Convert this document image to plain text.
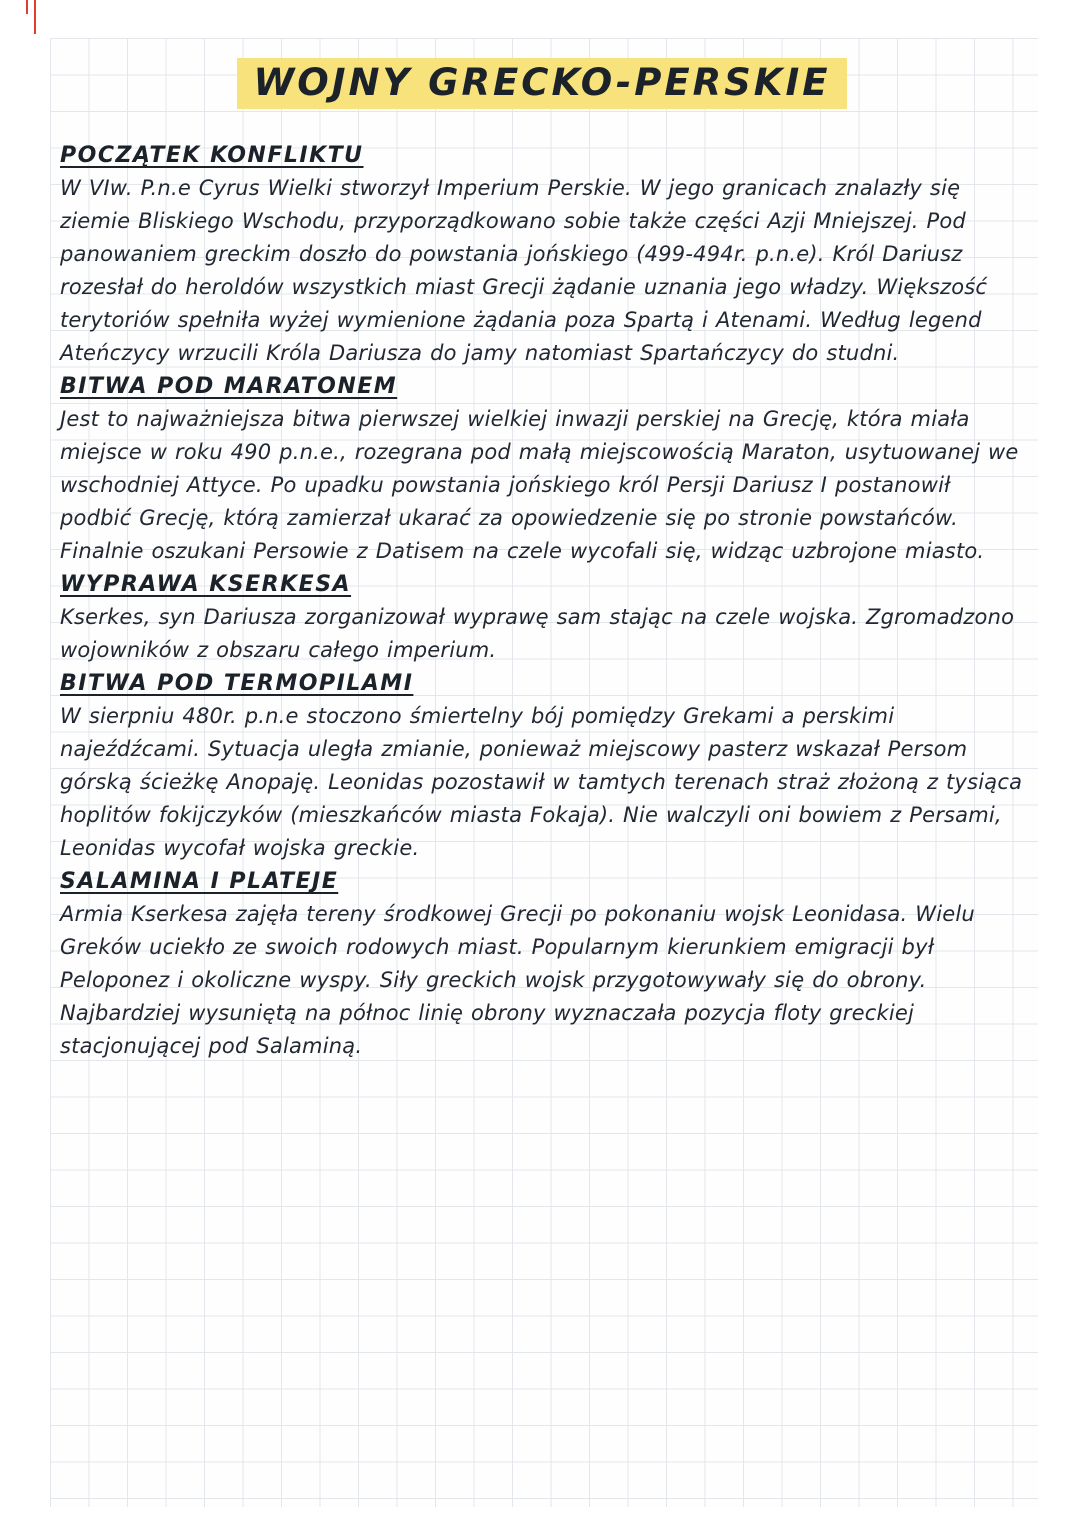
WOJNY GRECKO-PERSKIE
POCZĄTEK KONFLIKTU
W VIw. P.n.e Cyrus Wielki stworzył Imperium Perskie. W jego granicach znalazły się ziemie Bliskiego Wschodu, przyporządkowano sobie także części Azji Mniejszej. Pod panowaniem greckim doszło do powstania jońskiego (499-494r. p.n.e). Król Dariusz rozesłał do heroldów wszystkich miast Grecji żądanie uznania jego władzy. Większość terytoriów spełniła wyżej wymienione żądania poza Spartą i Atenami. Według legend Ateńczycy wrzucili Króla Dariusza do jamy natomiast Spartańczycy do studni.
BITWA POD MARATONEM
Jest to najważniejsza bitwa pierwszej wielkiej inwazji perskiej na Grecję, która miała miejsce w roku 490 p.n.e., rozegrana pod małą miejscowością Maraton, usytuowanej we wschodniej Attyce. Po upadku powstania jońskiego król Persji Dariusz I postanowił podbić Grecję, którą zamierzał ukarać za opowiedzenie się po stronie powstańców. Finalnie oszukani Persowie z Datisem na czele wycofali się, widząc uzbrojone miasto.
WYPRAWA KSERKESA
Kserkes, syn Dariusza zorganizował wyprawę sam stając na czele wojska. Zgromadzono wojowników z obszaru całego imperium.
BITWA POD TERMOPILAMI
W sierpniu 480r. p.n.e stoczono śmiertelny bój pomiędzy Grekami a perskimi najeźdźcami. Sytuacja uległa zmianie, ponieważ miejscowy pasterz wskazał Persom górską ścieżkę Anopaję. Leonidas pozostawił w tamtych terenach straż złożoną z tysiąca hoplitów fokijczyków (mieszkańców miasta Fokaja). Nie walczyli oni bowiem z Persami, Leonidas wycofał wojska greckie.
SALAMINA I PLATEJE
Armia Kserkesa zajęła tereny środkowej Grecji po pokonaniu wojsk Leonidasa. Wielu Greków uciekło ze swoich rodowych miast. Popularnym kierunkiem emigracji był Peloponez i okoliczne wyspy. Siły greckich wojsk przygotowywały się do obrony. Najbardziej wysuniętą na północ linię obrony wyznaczała pozycja floty greckiej stacjonującej pod Salaminą.
